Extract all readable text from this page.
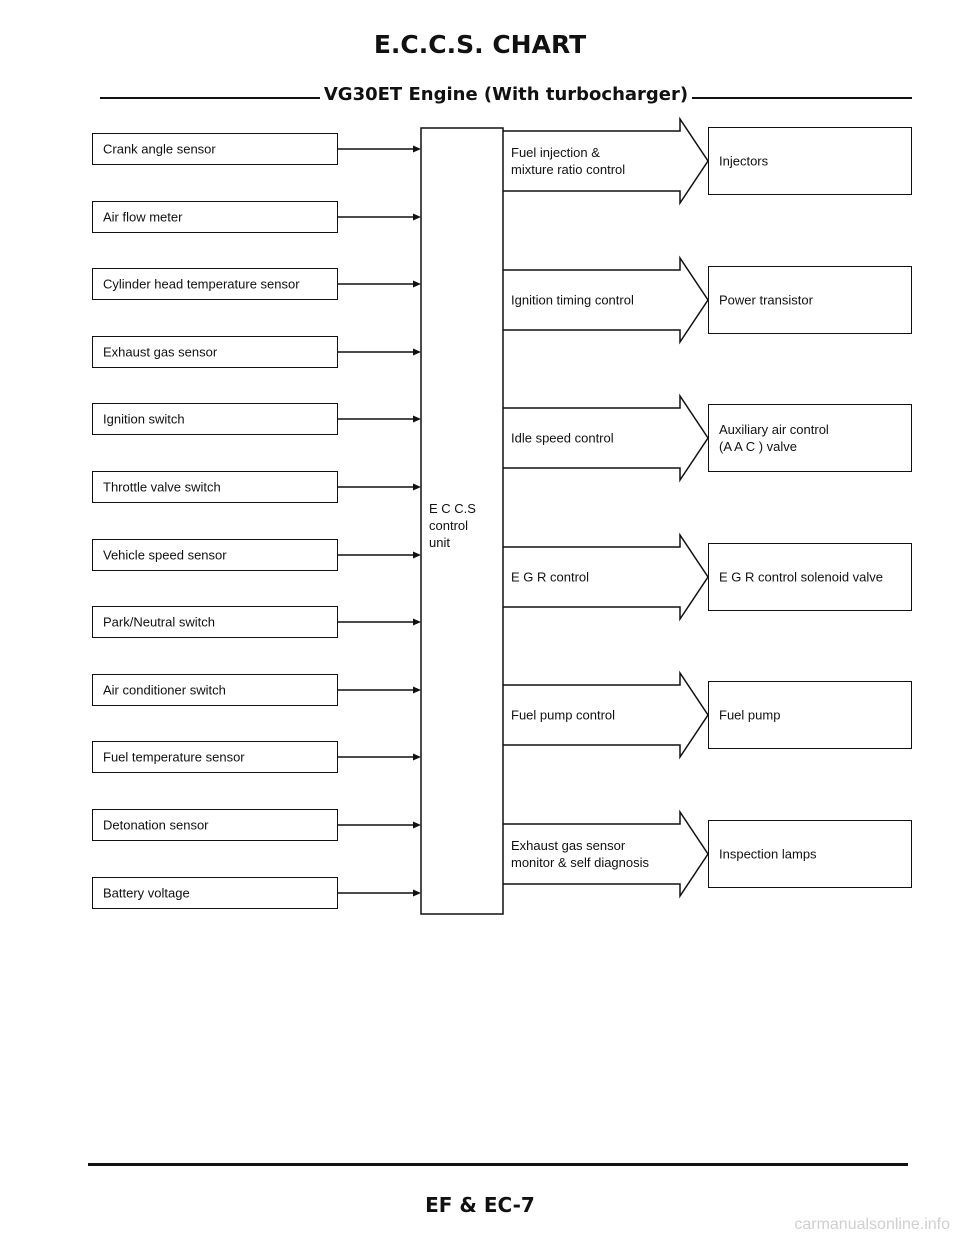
E.C.C.S. CHART
VG30ET Engine (With turbocharger)
Crank angle sensor
Air flow meter
Cylinder head temperature sensor
Exhaust gas sensor
Ignition switch
Throttle valve switch
Vehicle speed sensor
Park/Neutral switch
Air conditioner switch
Fuel temperature sensor
Detonation sensor
Battery voltage
E C C.S
control
unit
Fuel injection &
mixture ratio control
Injectors
Ignition timing control	Power transistor
Idle speed control
Auxiliary air control
(A A C ) valve
E G R control	E G R control solenoid valve
Fuel pump control	Fuel pump
Exhaust gas sensor
monitor & self diagnosis
Inspection lamps
EF & EC-7
carmanualsonline.info
